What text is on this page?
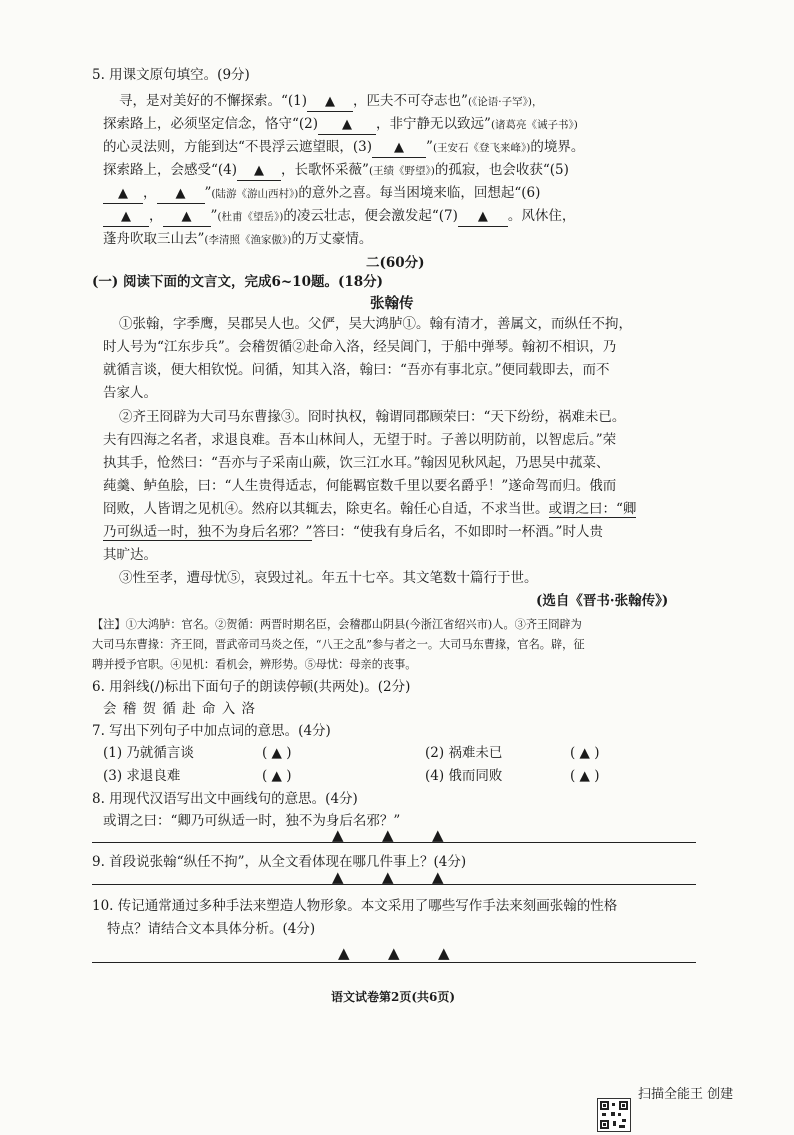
5. 用课文原句填空。(9分)
寻，是对美好的不懈探索。“(1) ▲ ，匹夫不可夺志也”(《论语·子罕》)，
探索路上，必须坚定信念，恪守“(2) ▲ ，非宁静无以致远”(诸葛亮《诫子书》)
的心灵法则，方能到达“不畏浮云遮望眼，(3) ▲ ”(王安石《登飞来峰》)的境界。
探索路上，会感受“(4) ▲ ，长歌怀采薇”(王绩《野望》)的孤寂，也会收获“(5)
▲ ， ▲ ”(陆游《游山西村》)的意外之喜。每当困境来临，回想起“(6)
▲ ， ▲ ”(杜甫《望岳》)的凌云壮志，便会激发起“(7) ▲ 。风休住，
蓬舟吹取三山去”(李清照《渔家傲》)的万丈豪情。
二(60分)
(一) 阅读下面的文言文，完成6~10题。(18分)
张翰传
①张翰，字季鹰，吴郡吴人也。父俨，吴大鸿胪①。翰有清才，善属文，而纵任不拘，
时人号为“江东步兵”。会稽贺循②赴命入洛，经吴阊门，于船中弹琴。翰初不相识，乃
就循言谈，便大相钦悦。问循，知其入洛，翰曰：“吾亦有事北京。”便同载即去，而不
告家人。
②齐王冏辟为大司马东曹掾③。冏时执权，翰谓同郡顾荣曰：“天下纷纷，祸难未已。
夫有四海之名者，求退良难。吾本山林间人，无望于时。子善以明防前，以智虑后。”荣
执其手，怆然曰：“吾亦与子采南山蕨，饮三江水耳。”翰因见秋风起，乃思吴中菰菜、
莼羹、鲈鱼脍，曰：“人生贵得适志，何能羁宦数千里以要名爵乎！”遂命驾而归。俄而
冏败，人皆谓之见机④。然府以其辄去，除吏名。翰任心自适，不求当世。或谓之曰：“卿
乃可纵适一时，独不为身后名邪？”答曰：“使我有身后名，不如即时一杯酒。”时人贵
其旷达。
③性至孝，遭母忧⑤，哀毁过礼。年五十七卒。其文笔数十篇行于世。
(选自《晋书·张翰传》)
【注】①大鸿胪：官名。②贺循：两晋时期名臣，会稽郡山阴县(今浙江省绍兴市)人。③齐王冏辟为
大司马东曹掾：齐王冏，晋武帝司马炎之侄，“八王之乱”参与者之一。大司马东曹掾，官名。辟，征
聘并授予官职。④见机：看机会，辨形势。⑤母忧：母亲的丧事。
6. 用斜线(/)标出下面句子的朗读停顿(共两处)。(2分)
会 稽 贺 循 赴 命 入 洛
7. 写出下列句子中加点词的意思。(4分)
(1) 乃就循言谈	( ▲ )	(2) 祸难未已	( ▲ )
(3) 求退良难	( ▲ )	(4) 俄而同败	( ▲ )
8. 用现代汉语写出文中画线句的意思。(4分)
或谓之曰：“卿乃可纵适一时，独不为身后名邪？”
▲	▲	▲
9. 首段说张翰“纵任不拘”，从全文看体现在哪几件事上？(4分)
▲	▲	▲
10. 传记通常通过多种手法来塑造人物形象。本文采用了哪些写作手法来刻画张翰的性格
特点？请结合文本具体分析。(4分)
▲	▲	▲
语文试卷第2页(共6页)
扫描全能王 创建
